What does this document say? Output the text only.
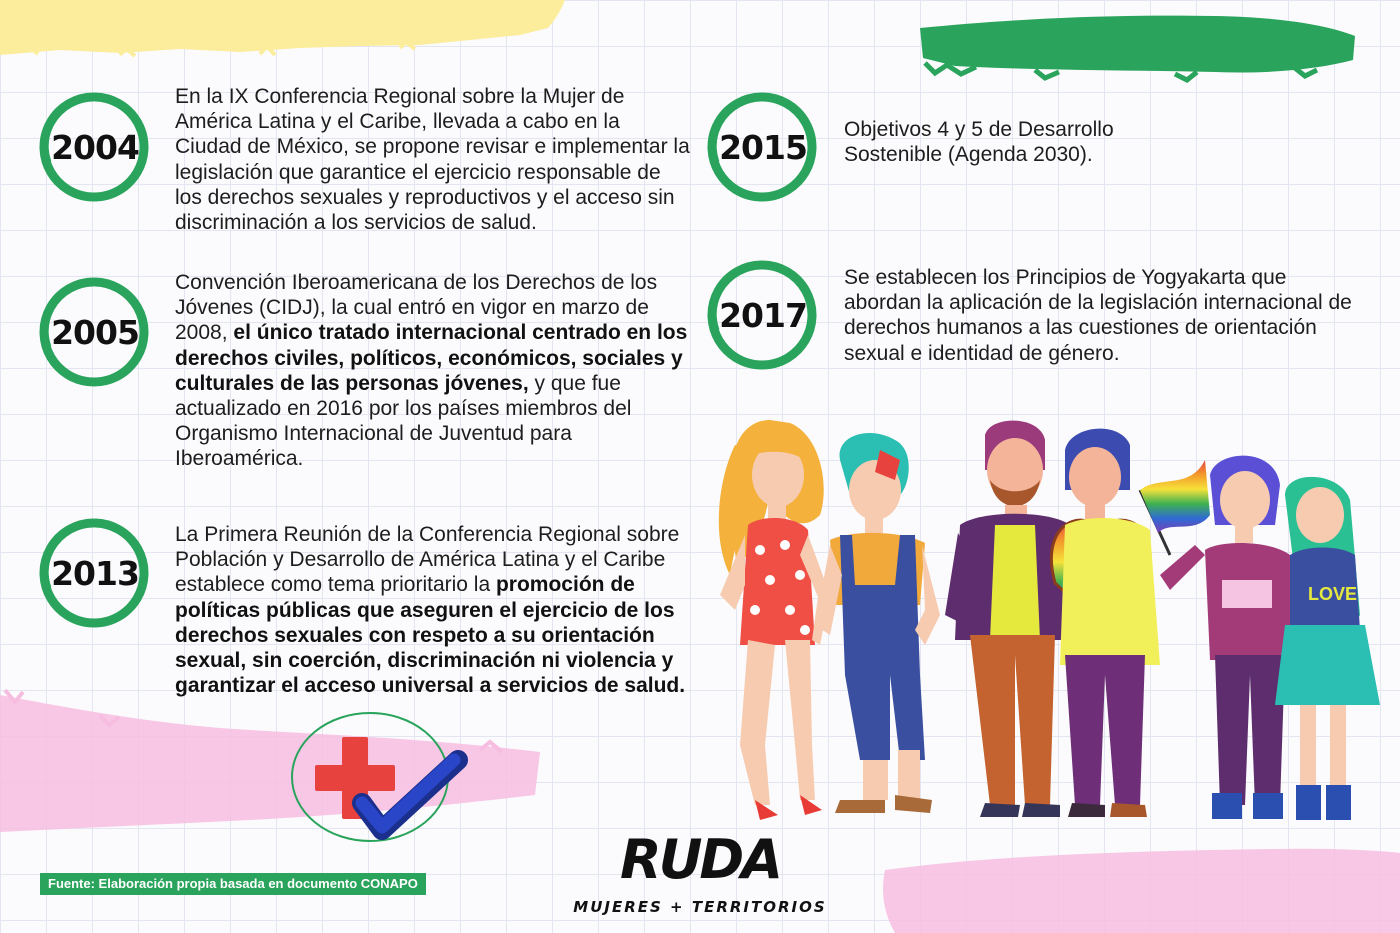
2004
En la IX Conferencia Regional sobre la Mujer de América Latina y el Caribe, llevada a cabo en la Ciudad de México, se propone revisar e implementar la legislación que garantice el ejercicio responsable de los derechos sexuales y reproductivos y el acceso sin discriminación a los servicios de salud.
2005
Convención Iberoamericana de los Derechos de los Jóvenes (CIDJ), la cual entró en vigor en marzo de 2008, el único tratado internacional centrado en los derechos civiles, políticos, económicos, sociales y culturales de las personas jóvenes, y que fue actualizado en 2016 por los países miembros del Organismo Internacional de Juventud para Iberoamérica.
2013
La Primera Reunión de la Conferencia Regional sobre Población y Desarrollo de América Latina y el Caribe establece como tema prioritario la promoción de políticas públicas que aseguren el ejercicio de los derechos sexuales con respeto a su orientación sexual, sin coerción, discriminación ni violencia y garantizar el acceso universal a servicios de salud.
2015	Objetivos 4 y 5 de Desarrollo Sostenible (Agenda 2030).
2017
Se establecen los Principios de Yogyakarta que abordan la aplicación de la legislación internacional de derechos humanos a las cuestiones de orientación sexual e identidad de género.
LOVE
Fuente: Elaboración propia basada en documento CONAPO	RUDA
MUJERES + TERRITORIOS
